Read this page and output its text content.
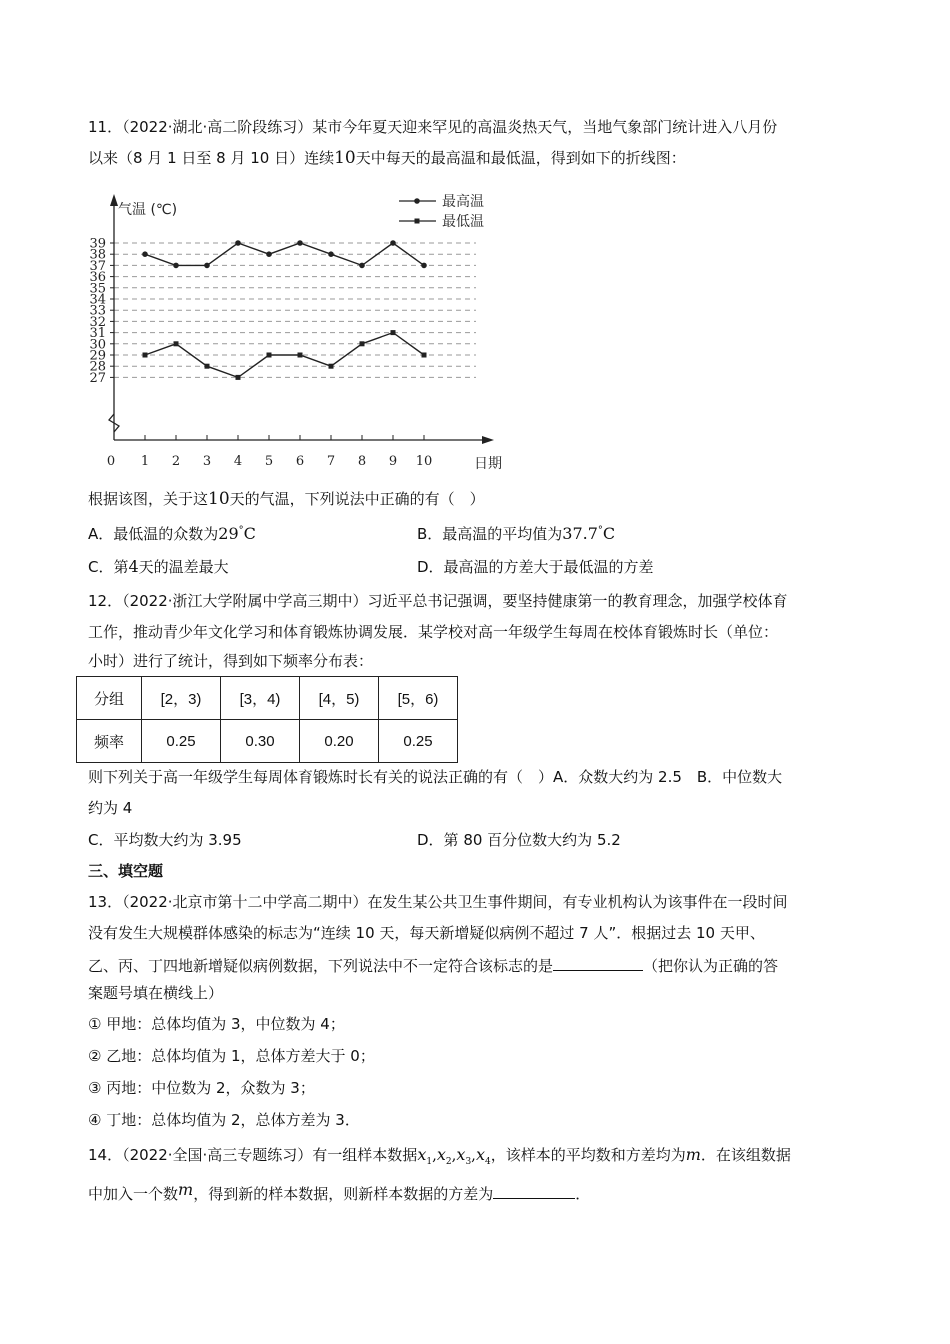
11．（2022·湖北·高二阶段练习）某市今年夏天迎来罕见的高温炎热天气，当地气象部门统计进入八月份
以来（8 月 1 日至 8 月 10 日）连续10天中每天的最高温和最低温，得到如下的折线图：
气温 (℃)
日期
39
38
37
36
35
34
33
32
31
30
29
28
27
0 1 2 3 4 5 6 7 8 9 10
最高温
最低温
根据该图，关于这10天的气温，下列说法中正确的有（　）
A．最低温的众数为29°C	B．最高温的平均值为37.7°C
C．第4天的温差最大	D．最高温的方差大于最低温的方差
12．（2022·浙江大学附属中学高三期中）习近平总书记强调，要坚持健康第一的教育理念，加强学校体育
工作，推动青少年文化学习和体育锻炼协调发展．某学校对高一年级学生每周在校体育锻炼时长（单位：
小时）进行了统计，得到如下频率分布表：
分组	[2，3)	[3，4)	[4，5)	[5，6)
频率	0.25	0.30	0.20	0.25
则下列关于高一年级学生每周体育锻炼时长有关的说法正确的有（　）A．众数大约为 2.5　B．中位数大
约为 4
C．平均数大约为 3.95	D．第 80 百分位数大约为 5.2
三、填空题
13．（2022·北京市第十二中学高二期中）在发生某公共卫生事件期间，有专业机构认为该事件在一段时间
没有发生大规模群体感染的标志为“连续 10 天，每天新增疑似病例不超过 7 人”．根据过去 10 天甲、
乙、丙、丁四地新增疑似病例数据，下列说法中不一定符合该标志的是	（把你认为正确的答
案题号填在横线上）
① 甲地：总体均值为 3，中位数为 4；
② 乙地：总体均值为 1，总体方差大于 0；
③ 丙地：中位数为 2，众数为 3；
④ 丁地：总体均值为 2，总体方差为 3．
14．（2022·全国·高三专题练习）有一组样本数据$x_1,x_2,x_3,x_4$，该样本的平均数和方差均为m．在该组数据
中加入一个数m，得到新的样本数据，则新样本数据的方差为	．
